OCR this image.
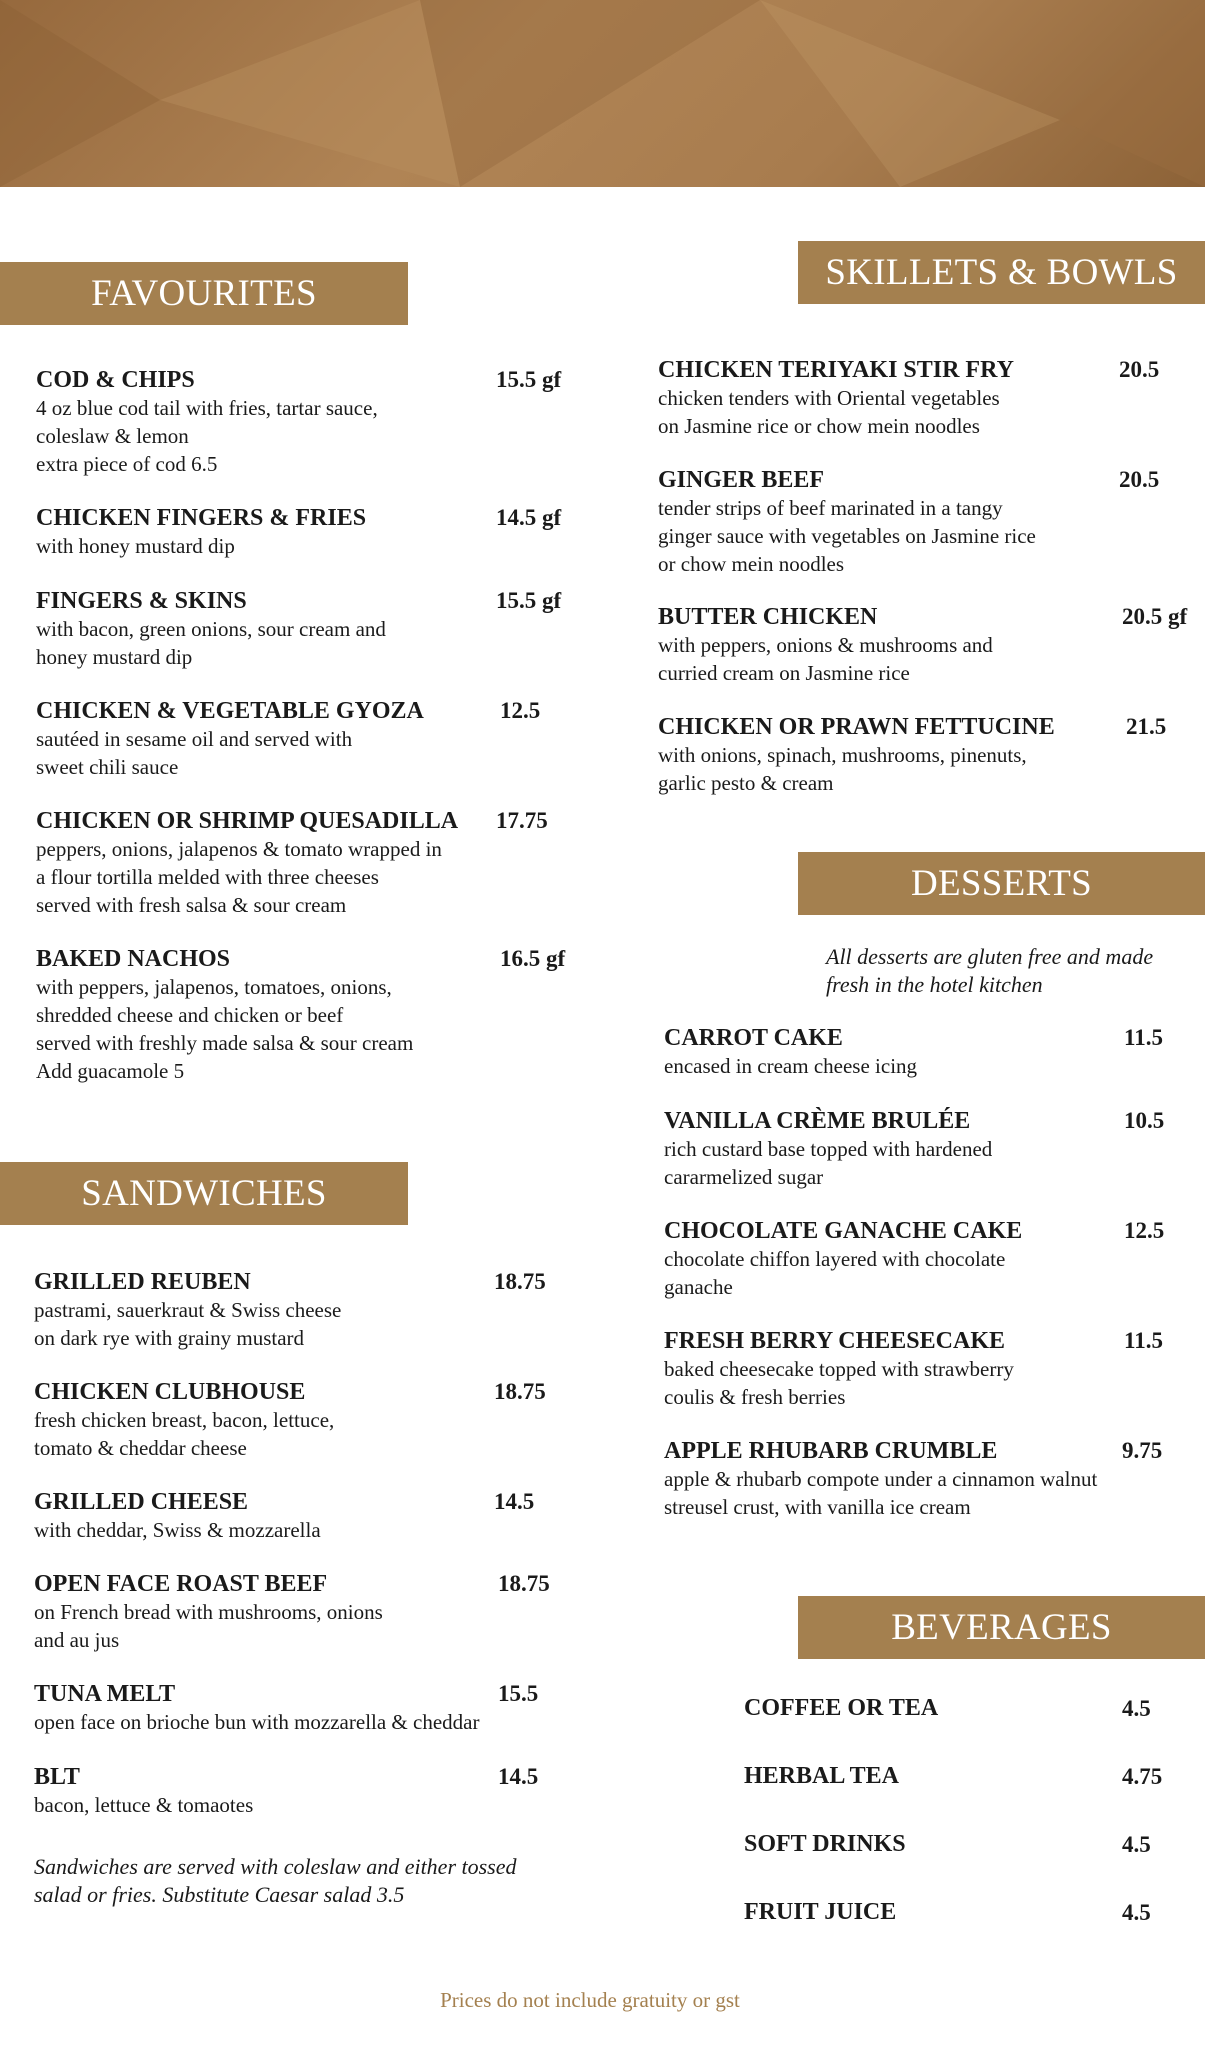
FAVOURITES
SANDWICHES
SKILLETS & BOWLS
DESSERTS
BEVERAGES
COD & CHIPS
4 oz blue cod tail with fries, tartar sauce,
coleslaw & lemon
extra piece of cod 6.5
15.5 gf
CHICKEN FINGERS & FRIES
with honey mustard dip
14.5 gf
FINGERS & SKINS
with bacon, green onions, sour cream and
honey mustard dip
15.5 gf
CHICKEN & VEGETABLE GYOZA
sautéed in sesame oil and served with
sweet chili sauce
12.5
CHICKEN OR SHRIMP QUESADILLA
peppers, onions, jalapenos & tomato wrapped in
a flour tortilla melded with three cheeses
served with fresh salsa & sour cream
17.75
BAKED NACHOS
with peppers, jalapenos, tomatoes, onions,
shredded cheese and chicken or beef
served with freshly made salsa & sour cream
Add guacamole 5
16.5 gf
GRILLED REUBEN
pastrami, sauerkraut & Swiss cheese
on dark rye with grainy mustard
18.75
CHICKEN CLUBHOUSE
fresh chicken breast, bacon, lettuce,
tomato & cheddar cheese
18.75
GRILLED CHEESE
with cheddar, Swiss & mozzarella
14.5
OPEN FACE ROAST BEEF
on French bread with mushrooms, onions
and au jus
18.75
TUNA MELT
open face on brioche bun with mozzarella & cheddar
15.5
BLT
bacon, lettuce & tomaotes
14.5
Sandwiches are served with coleslaw and either tossed
salad or fries. Substitute Caesar salad 3.5
CHICKEN TERIYAKI STIR FRY
chicken tenders with Oriental vegetables
on Jasmine rice or chow mein noodles
20.5
GINGER BEEF
tender strips of beef marinated in a tangy
ginger sauce with vegetables on Jasmine rice
or chow mein noodles
20.5
BUTTER CHICKEN
with peppers, onions & mushrooms and
curried cream on Jasmine rice
20.5 gf
CHICKEN OR PRAWN FETTUCINE
with onions, spinach, mushrooms, pinenuts,
garlic pesto & cream
21.5
All desserts are gluten free and made
fresh in the hotel kitchen
CARROT CAKE
encased in cream cheese icing
11.5
VANILLA CRÈME BRULÉE
rich custard base topped with hardened
cararmelized sugar
10.5
CHOCOLATE GANACHE CAKE
chocolate chiffon layered with chocolate
ganache
12.5
FRESH BERRY CHEESECAKE
baked cheesecake topped with strawberry
coulis & fresh berries
11.5
APPLE RHUBARB CRUMBLE
apple & rhubarb compote under a cinnamon walnut
streusel crust, with vanilla ice cream
9.75
COFFEE OR TEA	4.5
HERBAL TEA	4.75
SOFT DRINKS	4.5
FRUIT JUICE	4.5
Prices do not include gratuity or gst
